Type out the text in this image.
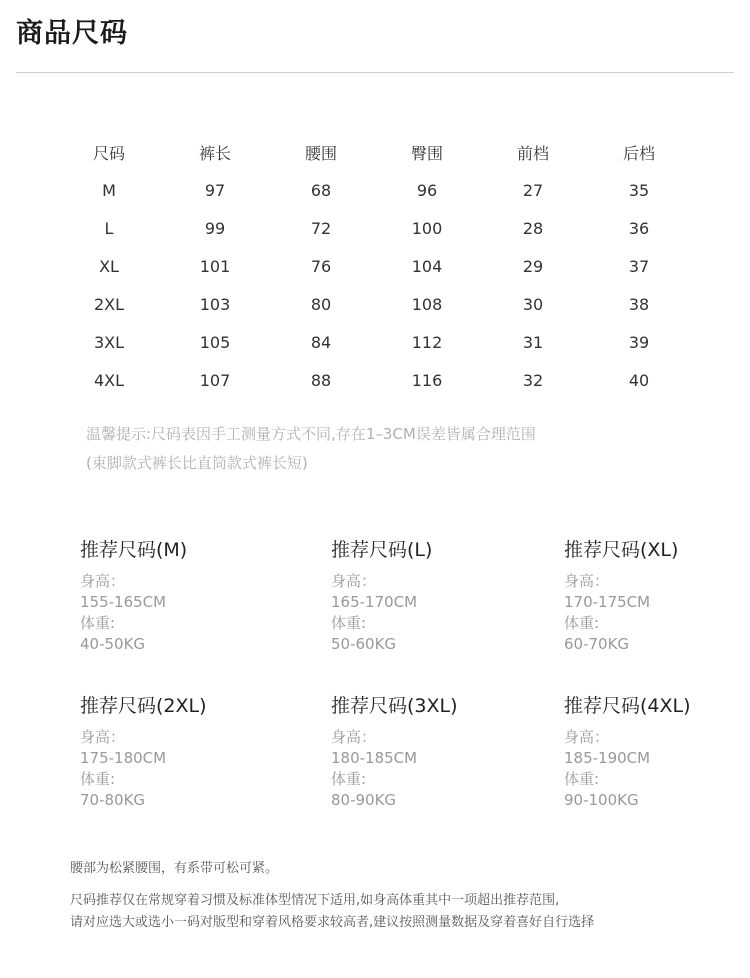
商品尺码
尺码	裤长	腰围	臀围	前档	后档
M	97	68	96	27	35
L	99	72	100	28	36
XL	101	76	104	29	37
2XL	103	80	108	30	38
3XL	105	84	112	31	39
4XL	107	88	116	32	40

温馨提示:尺码表因手工测量方式不同,存在1–3CM误差皆属合理范围

(束脚款式裤长比直筒款式裤长短)

推荐尺码(M)

身高：

155-165CM

体重:

40-50KG

推荐尺码(L)

身高：

165-170CM

体重:

50-60KG

推荐尺码(XL)

身高：

170-175CM

体重:

60-70KG

推荐尺码(2XL)

身高：

175-180CM

体重:

70-80KG

推荐尺码(3XL)

身高：

180-185CM

体重:

80-90KG

推荐尺码(4XL)

身高：

185-190CM

体重:

90-100KG

腰部为松紧腰围，有系带可松可紧。

尺码推荐仅在常规穿着习惯及标准体型情况下适用,如身高体重其中一项超出推荐范围,

请对应选大或选小一码对版型和穿着风格要求较高者,建议按照测量数据及穿着喜好自行选择
